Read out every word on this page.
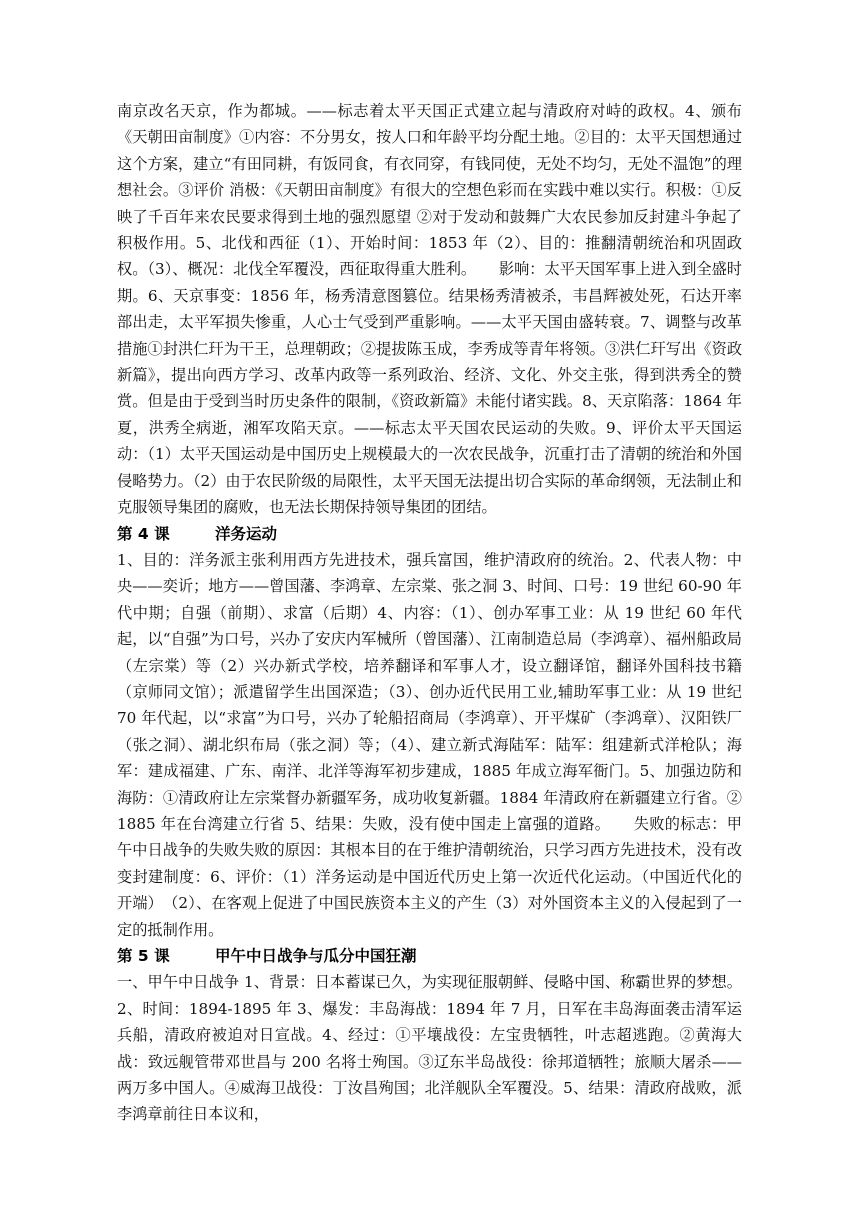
南京改名天京，作为都城。——标志着太平天国正式建立起与清政府对峙的政权。4、颁布《天朝田亩制度》①内容：不分男女，按人口和年龄平均分配土地。②目的：太平天国想通过这个方案，建立“有田同耕，有饭同食，有衣同穿，有钱同使，无处不均匀，无处不温饱”的理想社会。③评价 消极：《天朝田亩制度》有很大的空想色彩而在实践中难以实行。积极：①反映了千百年来农民要求得到土地的强烈愿望 ②对于发动和鼓舞广大农民参加反封建斗争起了积极作用。5、北伐和西征（1）、开始时间：1853 年（2）、目的：推翻清朝统治和巩固政权。（3）、概况：北伐全军覆没，西征取得重大胜利。　　影响：太平天国军事上进入到全盛时期。6、天京事变：1856 年，杨秀清意图篡位。结果杨秀清被杀，韦昌辉被处死，石达开率部出走，太平军损失惨重，人心士气受到严重影响。——太平天国由盛转衰。7、调整与改革措施①封洪仁玕为干王，总理朝政；②提拔陈玉成，李秀成等青年将领。③洪仁玕写出《资政新篇》，提出向西方学习、改革内政等一系列政治、经济、文化、外交主张，得到洪秀全的赞赏。但是由于受到当时历史条件的限制，《资政新篇》未能付诸实践。8、天京陷落：1864 年夏，洪秀全病逝，湘军攻陷天京。——标志太平天国农民运动的失败。9、评价太平天国运动：（1）太平天国运动是中国历史上规模最大的一次农民战争，沉重打击了清朝的统治和外国侵略势力。（2）由于农民阶级的局限性，太平天国无法提出切合实际的革命纲领，无法制止和克服领导集团的腐败，也无法长期保持领导集团的团结。

第 4 课	洋务运动

1、目的：洋务派主张利用西方先进技术，强兵富国，维护清政府的统治。2、代表人物：中央——奕䜣；地方——曾国藩、李鸿章、左宗棠、张之洞 3、时间、口号：19 世纪 60-90 年代中期；自强（前期）、求富（后期）4、内容：（1）、创办军事工业：从 19 世纪 60 年代起，以“自强”为口号，兴办了安庆内军械所（曾国藩）、江南制造总局（李鸿章）、福州船政局（左宗棠）等（2）兴办新式学校，培养翻译和军事人才，设立翻译馆，翻译外国科技书籍（京师同文馆）；派遣留学生出国深造；（3）、创办近代民用工业,辅助军事工业：从 19 世纪 70 年代起，以“求富”为口号，兴办了轮船招商局（李鸿章）、开平煤矿（李鸿章）、汉阳铁厂（张之洞）、湖北织布局（张之洞）等；（4）、建立新式海陆军：陆军：组建新式洋枪队；海军：建成福建、广东、南洋、北洋等海军初步建成，1885 年成立海军衙门。5、加强边防和海防：①清政府让左宗棠督办新疆军务，成功收复新疆。1884 年清政府在新疆建立行省。②1885 年在台湾建立行省 5、结果：失败，没有使中国走上富强的道路。　　失败的标志：甲午中日战争的失败失败的原因：其根本目的在于维护清朝统治，只学习西方先进技术，没有改变封建制度：6、评价：（1）洋务运动是中国近代历史上第一次近代化运动。（中国近代化的开端）　（2）、在客观上促进了中国民族资本主义的产生（3）对外国资本主义的入侵起到了一定的抵制作用。

第 5 课	甲午中日战争与瓜分中国狂潮

一、甲午中日战争 1、背景：日本蓄谋已久，为实现征服朝鲜、侵略中国、称霸世界的梦想。2、时间：1894-1895 年 3、爆发：丰岛海战：1894 年 7 月，日军在丰岛海面袭击清军运兵船，清政府被迫对日宣战。4、经过：①平壤战役：左宝贵牺牲，叶志超逃跑。②黄海大战：致远舰管带邓世昌与 200 名将士殉国。③辽东半岛战役：徐邦道牺牲；旅顺大屠杀——两万多中国人。④威海卫战役：丁汝昌殉国；北洋舰队全军覆没。5、结果：清政府战败，派李鸿章前往日本议和，
